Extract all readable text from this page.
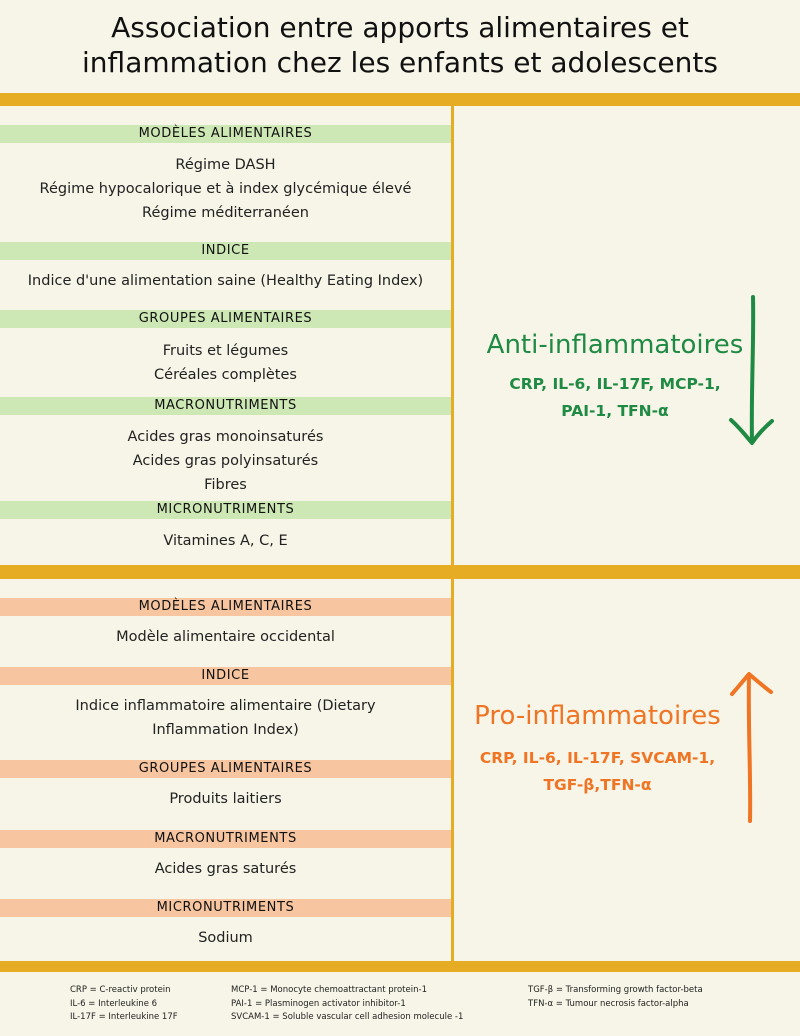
Association entre apports alimentaires et
inflammation chez les enfants et adolescents
MODÈLES ALIMENTAIRES
Régime DASH
Régime hypocalorique et à index glycémique élevé
Régime méditerranéen
INDICE
Indice d'une alimentation saine (Healthy Eating Index)
GROUPES ALIMENTAIRES
Fruits et légumes
Céréales complètes
MACRONUTRIMENTS
Acides gras monoinsaturés
Acides gras polyinsaturés
Fibres
MICRONUTRIMENTS
Vitamines A, C, E
Anti-inflammatoires
CRP, IL-6, IL-17F, MCP-1,
PAI-1, TFN-α
MODÈLES ALIMENTAIRES
Modèle alimentaire occidental
INDICE
Indice inflammatoire alimentaire (Dietary
Inflammation Index)
GROUPES ALIMENTAIRES
Produits laitiers
MACRONUTRIMENTS
Acides gras saturés
MICRONUTRIMENTS
Sodium
Pro-inflammatoires
CRP, IL-6, IL-17F, SVCAM-1,
TGF-β,TFN-α
CRP = C-reactiv protein
IL-6 = Interleukine 6
IL-17F = Interleukine 17F
MCP-1 = Monocyte chemoattractant protein-1
PAI-1 = Plasminogen activator inhibitor-1
SVCAM-1 = Soluble vascular cell adhesion molecule -1
TGF-β = Transforming growth factor-beta
TFN-α = Tumour necrosis factor-alpha
